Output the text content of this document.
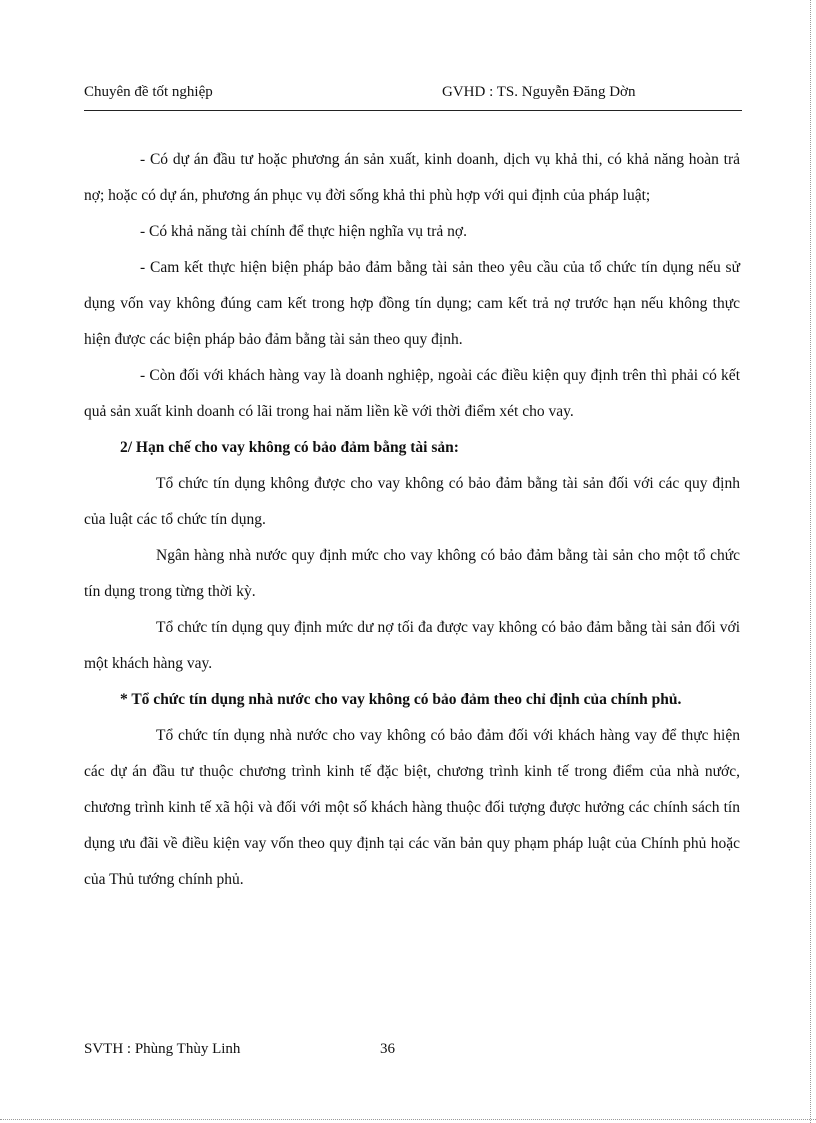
Chuyên đề tốt nghiệp	GVHD : TS. Nguyễn Đăng Dờn

- Có dự án đầu tư hoặc phương án sản xuất, kinh doanh, dịch vụ khả thi, có khả năng hoàn trả nợ; hoặc có dự án, phương án phục vụ đời sống khả thi phù hợp với qui định của pháp luật;

- Có khả năng tài chính để thực hiện nghĩa vụ trả nợ.

- Cam kết thực hiện biện pháp bảo đảm bằng tài sản theo yêu cầu của tổ chức tín dụng nếu sử dụng vốn vay không đúng cam kết trong hợp đồng tín dụng; cam kết trả nợ trước hạn nếu không thực hiện được các biện pháp bảo đảm bằng tài sản theo quy định.

- Còn đối với khách hàng vay là doanh nghiệp, ngoài các điều kiện quy định trên thì phải có kết quả sản xuất kinh doanh có lãi trong hai năm liền kề với thời điểm xét cho vay.

2/ Hạn chế cho vay không có bảo đảm bằng tài sản:

Tổ chức tín dụng không được cho vay không có bảo đảm bằng tài sản đối với các quy định của luật các tổ chức tín dụng.

Ngân hàng nhà nước quy định mức cho vay không có bảo đảm bằng tài sản cho một tổ chức tín dụng trong từng thời kỳ.

Tổ chức tín dụng quy định mức dư nợ tối đa được vay không có bảo đảm bằng tài sản đối với một khách hàng vay.

* Tổ chức tín dụng nhà nước cho vay không có bảo đảm theo chỉ định của chính phủ.

Tổ chức tín dụng nhà nước cho vay không có bảo đảm đối với khách hàng vay để thực hiện các dự án đầu tư thuộc chương trình kinh tế đặc biệt, chương trình kinh tế trong điểm của nhà nước, chương trình kinh tế xã hội và đối với một số khách hàng thuộc đối tượng được hưởng các chính sách tín dụng ưu đãi về điều kiện vay vốn theo quy định tại các văn bản quy phạm pháp luật của Chính phủ hoặc của Thủ tướng chính phủ.

SVTH : Phùng Thùy Linh	36
